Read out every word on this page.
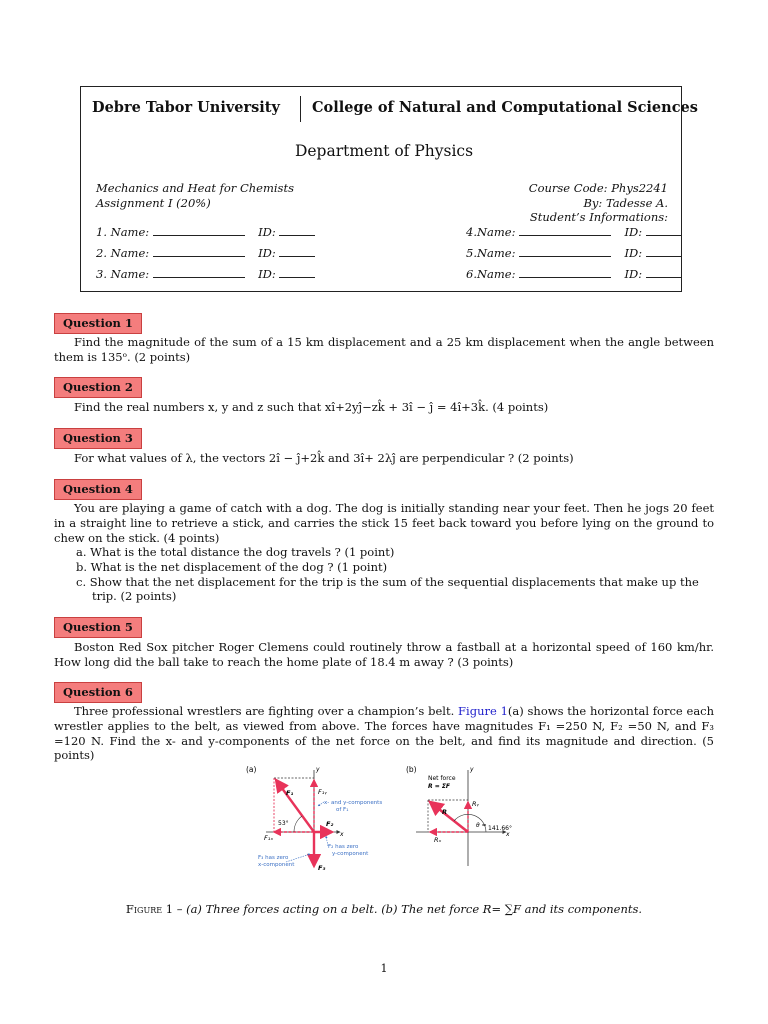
Debre Tabor University College of Natural and Computational Sciences
Department of Physics
Mechanics and Heat for Chemists
Assignment I (20%)
Course Code: Phys2241
By: Tadesse A.
Student’s Informations:
1. Name:	ID:
2. Name:	ID:
3. Name:	ID:
4.Name:	ID:
5.Name:	ID:
6.Name:	ID:
Question 1
Find the magnitude of the sum of a 15 km displacement and a 25 km displacement when the angle between them is 135ᵒ. (2 points)
Question 2
Find the real numbers x, y and z such that xî+2yĵ−zk̂ + 3î − ĵ = 4î+3k̂. (4 points)
Question 3
For what values of λ, the vectors 2î − ĵ+2k̂ and 3î+ 2λĵ are perpendicular ? (2 points)
Question 4
You are playing a game of catch with a dog. The dog is initially standing near your feet. Then he jogs 20 feet in a straight line to retrieve a stick, and carries the stick 15 feet back toward you before lying on the ground to chew on the stick. (4 points)
a. What is the total distance the dog travels ? (1 point)
b. What is the net displacement of the dog ? (1 point)
c. Show that the net displacement for the trip is the sum of the sequential displacements that make up the trip. (2 points)
Question 5
Boston Red Sox pitcher Roger Clemens could routinely throw a fastball at a horizontal speed of 160 km/hr. How long did the ball take to reach the home plate of 18.4 m away ? (3 points)
Question 6
Three professional wrestlers are fighting over a champion’s belt. Figure 1(a) shows the horizontal force each wrestler applies to the belt, as viewed from above. The forces have magnitudes F₁ =250 N, F₂ =50 N, and F₃ =120 N. Find the x- and y-components of the net force on the belt, and find its magnitude and direction. (5 points)
(a)	y
x
53°
F₁	F₁ᵧ
F₂
F₃
F₁ₓ
x- and y-components
of F₁
F₂ has zero
y-component
F₃ has zero
x-component
(b)	y
x
Net force
R = ΣF
R
Rᵧ
Rₓ
θ = 141.66°
Figure 1 – (a) Three forces acting on a belt. (b) The net force R= ∑F and its components.
1
